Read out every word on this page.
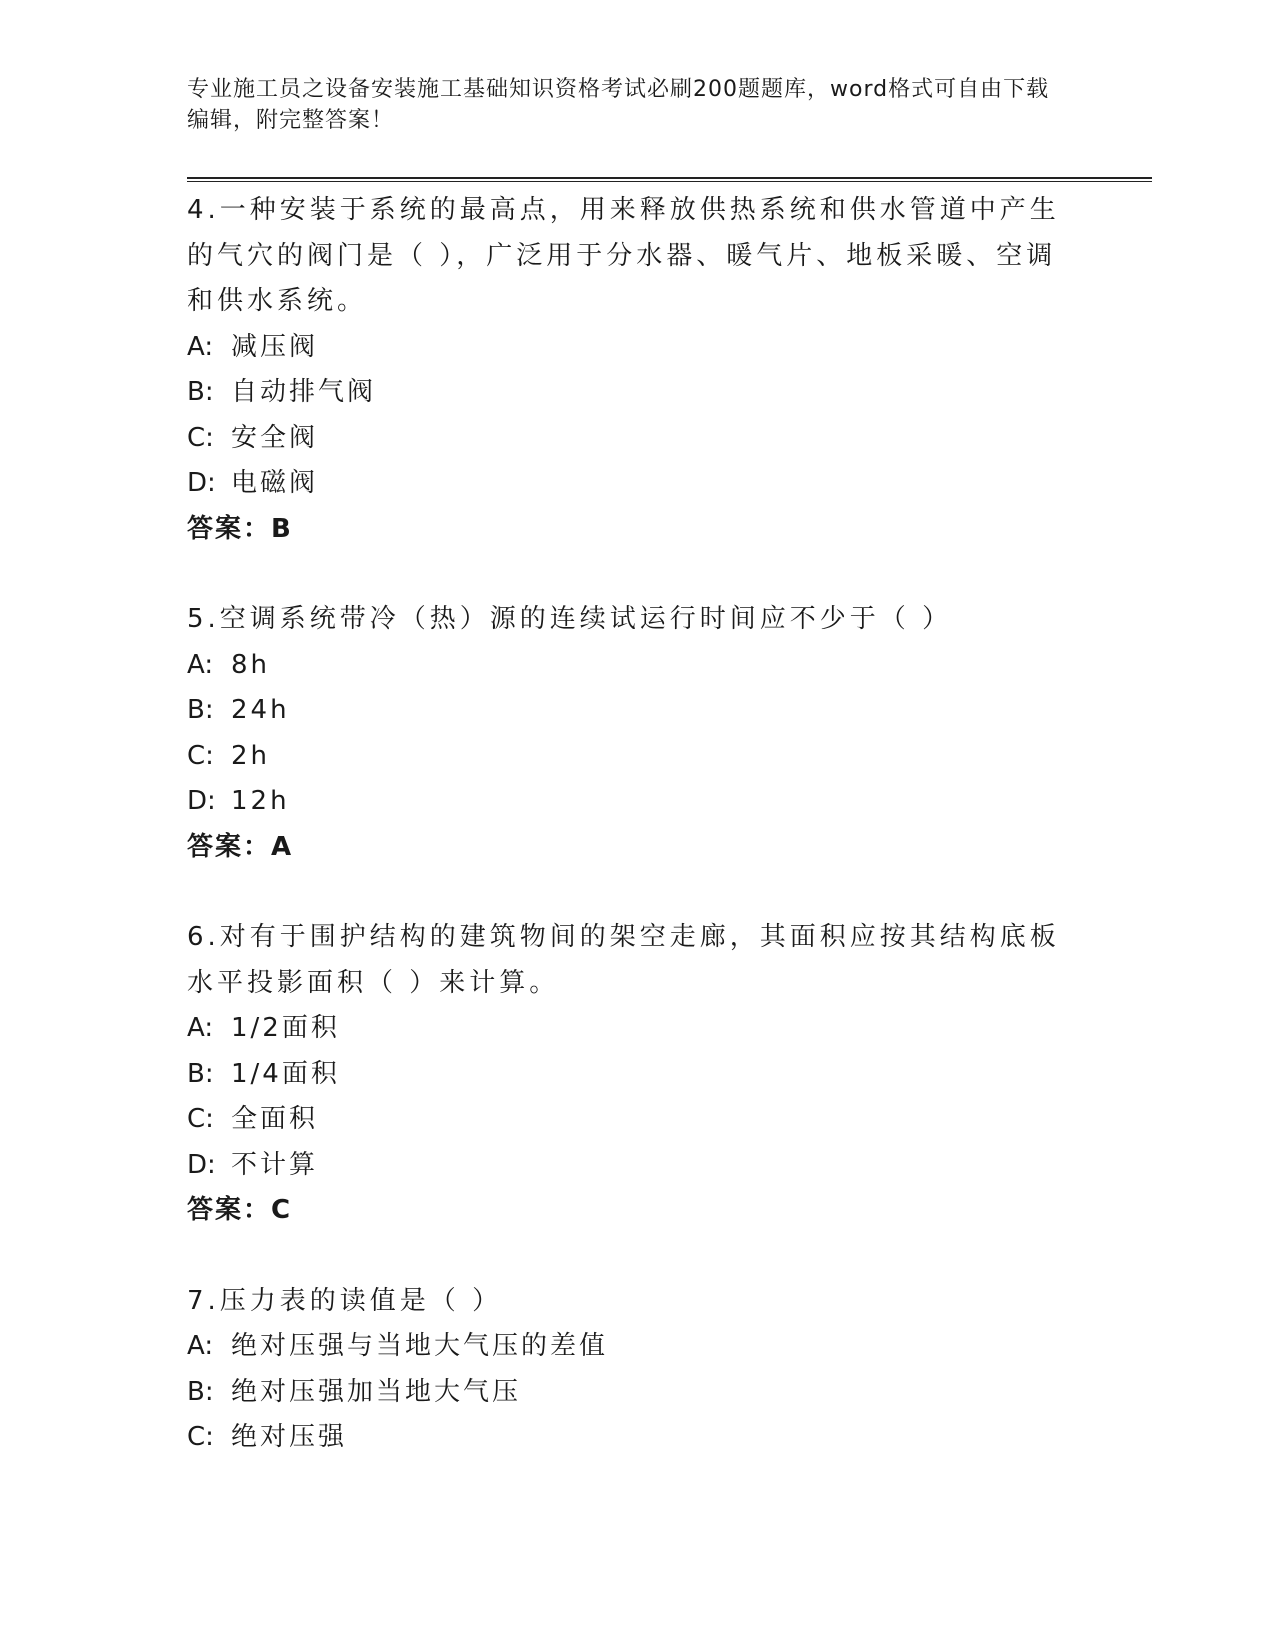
专业施工员之设备安装施工基础知识资格考试必刷200题题库，word格式可自由下载编辑，附完整答案！

4.一种安装于系统的最高点，用来释放供热系统和供水管道中产生的气穴的阀门是（ ），广泛用于分水器、暖气片、地板采暖、空调和供水系统。

A: 减压阀
B: 自动排气阀
C: 安全阀
D: 电磁阀
答案：B

5.空调系统带冷（热）源的连续试运行时间应不少于（ ）

A: 8h
B: 24h
C: 2h
D: 12h
答案：A

6.对有于围护结构的建筑物间的架空走廊，其面积应按其结构底板水平投影面积（ ）来计算。

A: 1/2面积
B: 1/4面积
C: 全面积
D: 不计算
答案：C

7.压力表的读值是（ ）

A: 绝对压强与当地大气压的差值
B: 绝对压强加当地大气压
C: 绝对压强
